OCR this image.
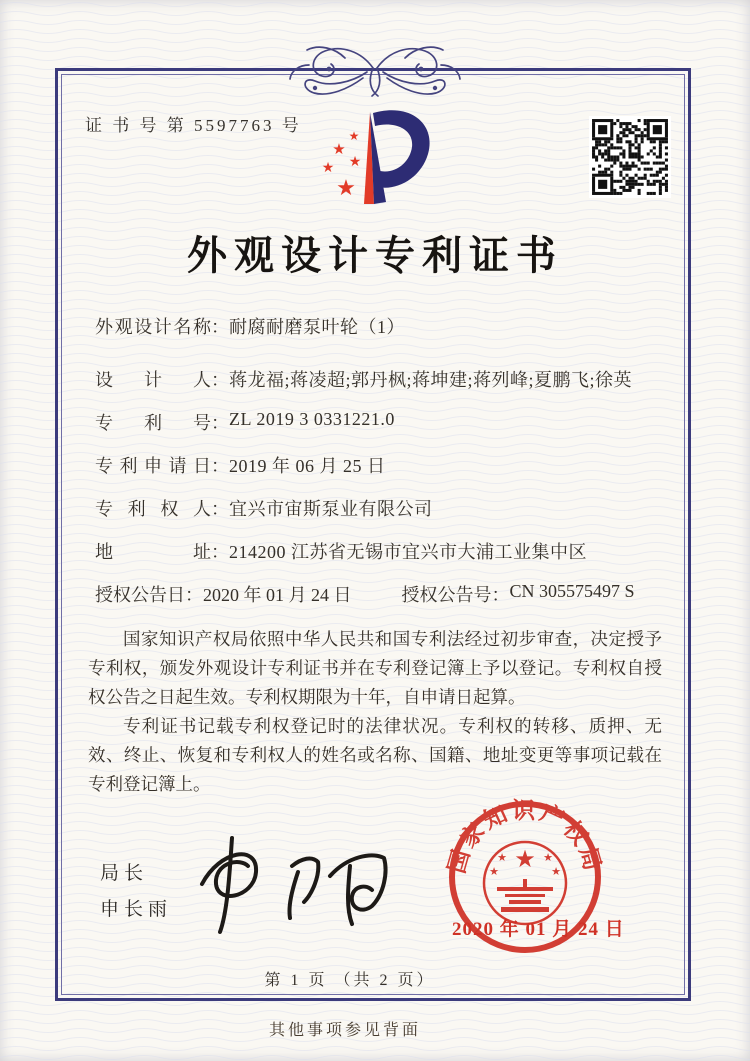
证 书 号 第 5597763 号
★
★
★
★
★
外观设计专利证书
外观设计名称 ： 耐腐耐磨泵叶轮（1）
设 计 人 ： 蒋龙福;蒋凌超;郭丹枫;蒋坤建;蒋列峰;夏鹏飞;徐英
专 利 号 ： ZL 2019 3 0331221.0
专利申请日 ： 2019 年 06 月 25 日
专 利 权 人 ： 宜兴市宙斯泵业有限公司
地 址 ： 214200 江苏省无锡市宜兴市大浦工业集中区
授权公告日 ： 2020 年 01 月 24 日	授权公告号 ： CN 305575497 S

国家知识产权局依照中华人民共和国专利法经过初步审查，决定授予专利权，颁发外观设计专利证书并在专利登记簿上予以登记。专利权自授权公告之日起生效。专利权期限为十年，自申请日起算。

专利证书记载专利权登记时的法律状况。专利权的转移、质押、无效、终止、恢复和专利权人的姓名或名称、国籍、地址变更等事项记载在专利登记簿上。

局长
申长雨
国家知识产权局
★
★	★
★	★
2020 年 01 月 24 日
第 1 页 （共 2 页）
其他事项参见背面
